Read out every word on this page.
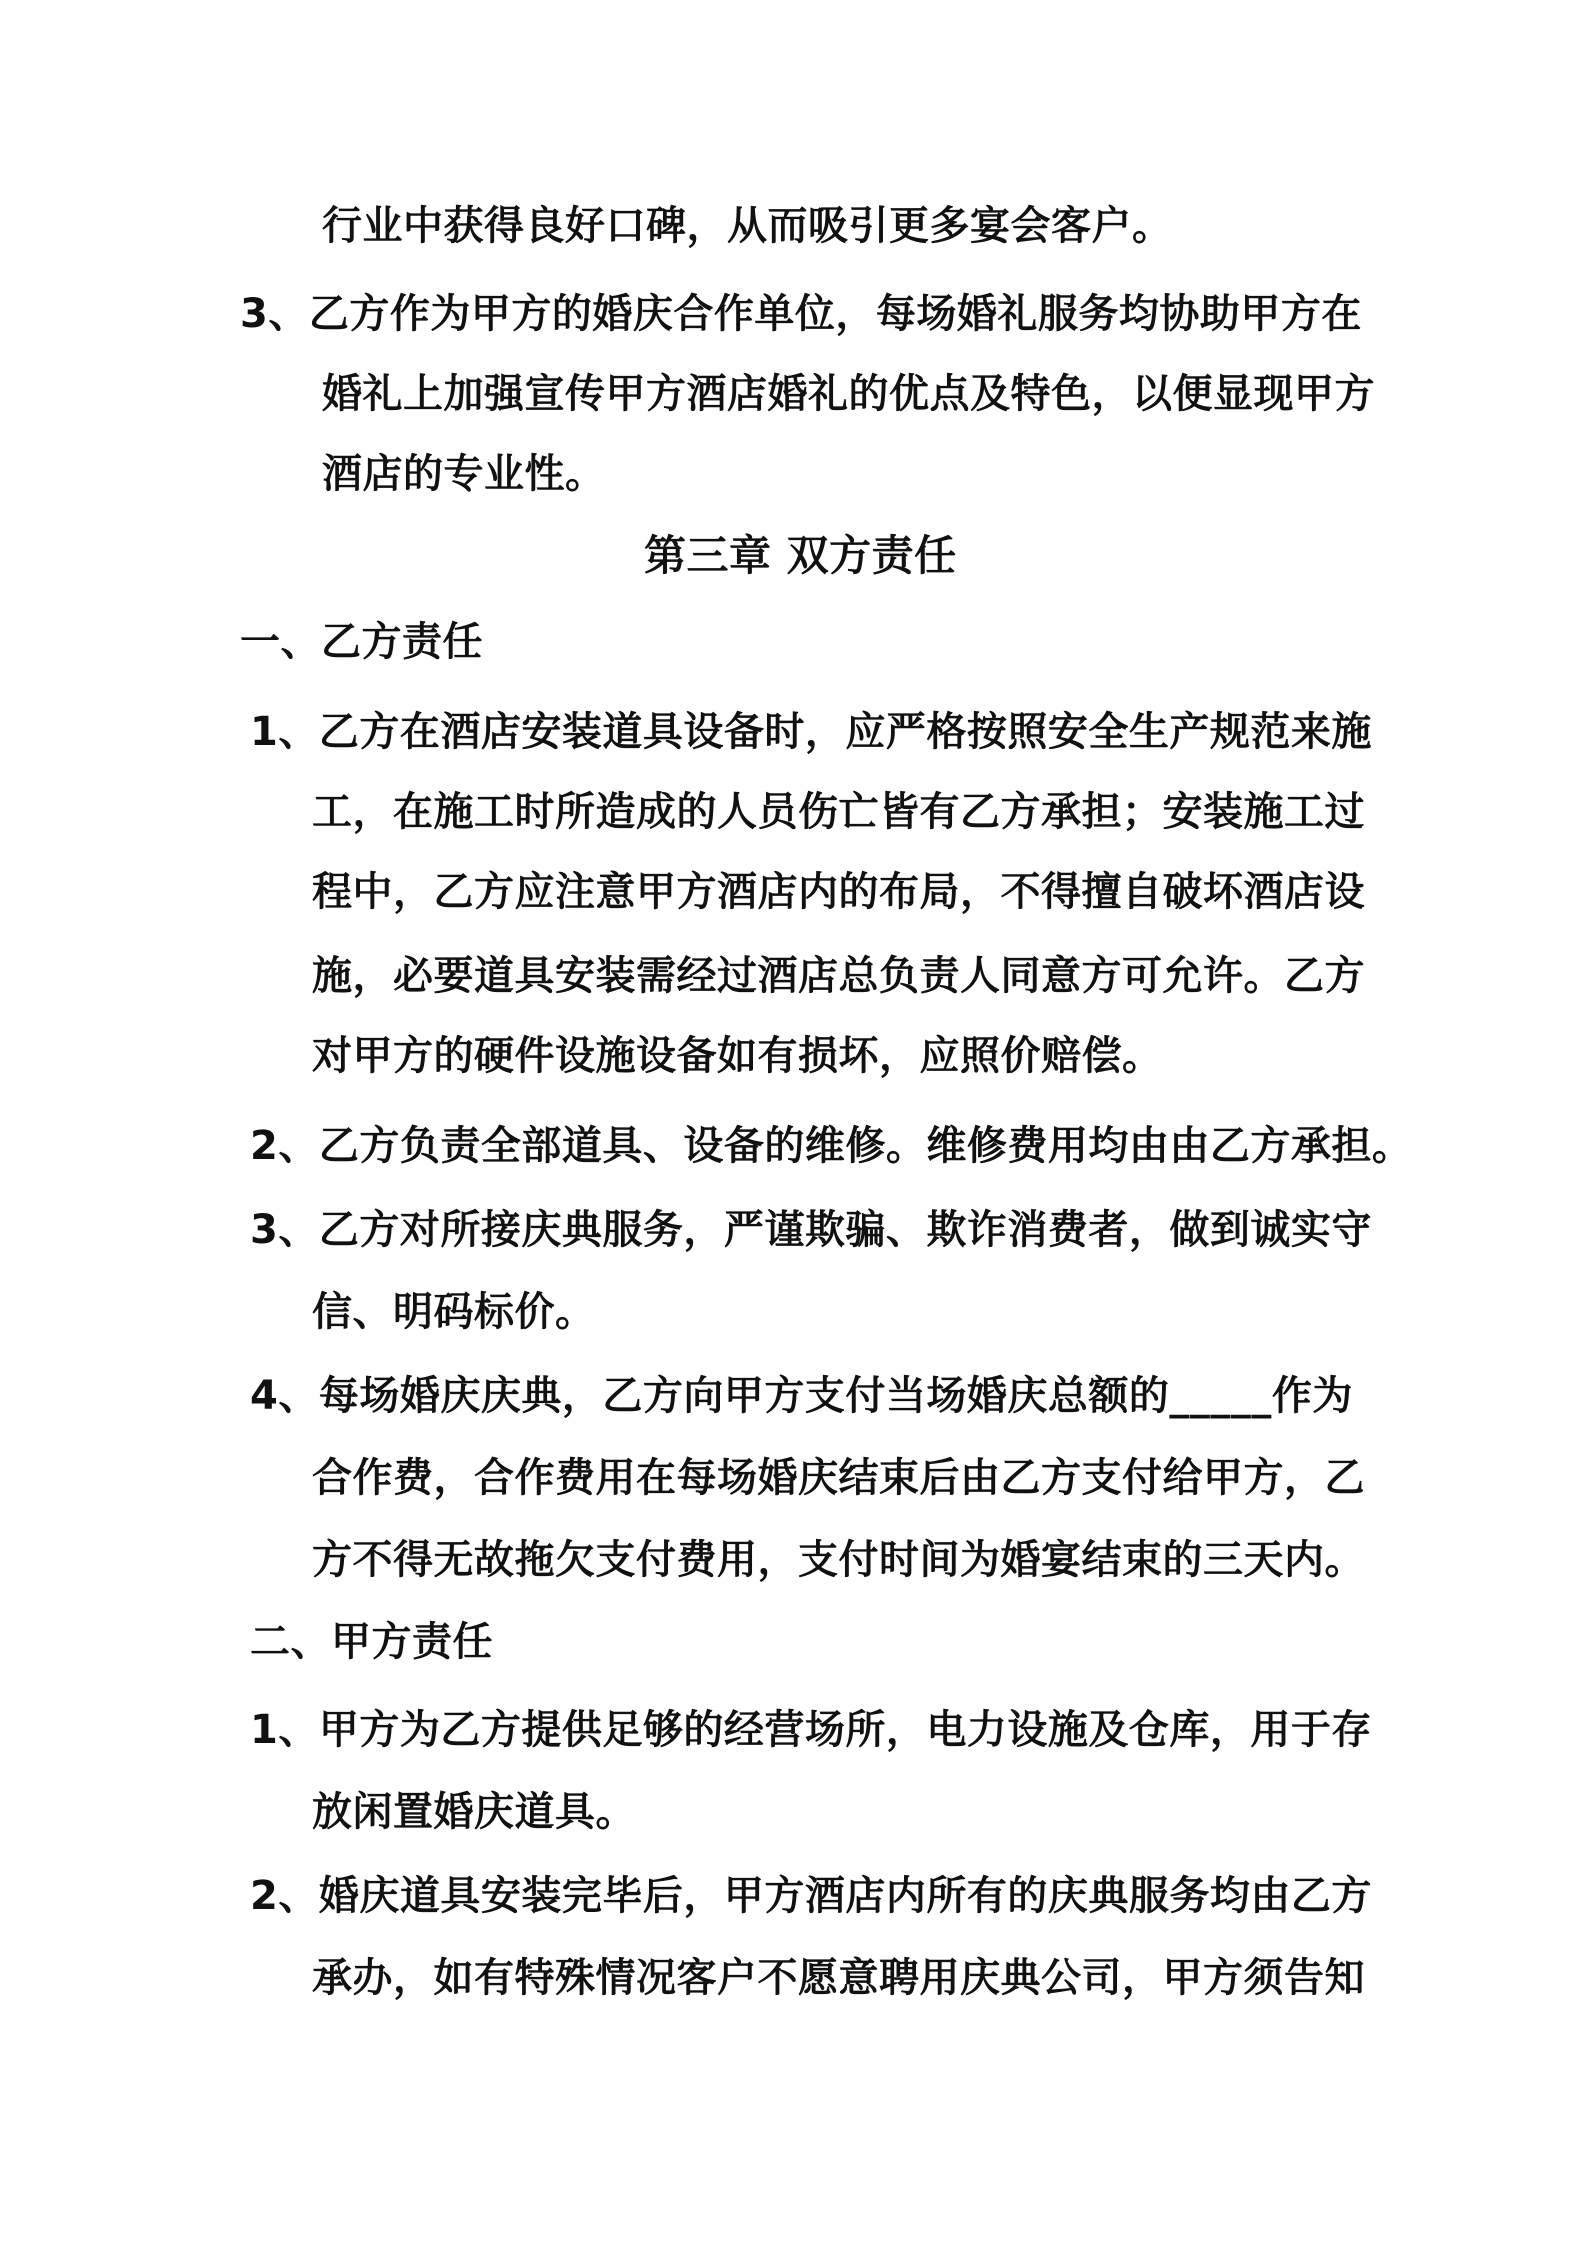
行业中获得良好口碑，从而吸引更多宴会客户。
3、乙方作为甲方的婚庆合作单位，每场婚礼服务均协助甲方在
婚礼上加强宣传甲方酒店婚礼的优点及特色，以便显现甲方
酒店的专业性。
第三章 双方责任
一、乙方责任
1、乙方在酒店安装道具设备时，应严格按照安全生产规范来施
工，在施工时所造成的人员伤亡皆有乙方承担；安装施工过
程中，乙方应注意甲方酒店内的布局，不得擅自破坏酒店设
施，必要道具安装需经过酒店总负责人同意方可允许。乙方
对甲方的硬件设施设备如有损坏，应照价赔偿。
2、乙方负责全部道具、设备的维修。维修费用均由由乙方承担。
3、乙方对所接庆典服务，严谨欺骗、欺诈消费者，做到诚实守
信、明码标价。
4、每场婚庆庆典，乙方向甲方支付当场婚庆总额的_____作为
合作费，合作费用在每场婚庆结束后由乙方支付给甲方，乙
方不得无故拖欠支付费用，支付时间为婚宴结束的三天内。
二、甲方责任
1、甲方为乙方提供足够的经营场所，电力设施及仓库，用于存
放闲置婚庆道具。
2、婚庆道具安装完毕后，甲方酒店内所有的庆典服务均由乙方
承办，如有特殊情况客户不愿意聘用庆典公司，甲方须告知
